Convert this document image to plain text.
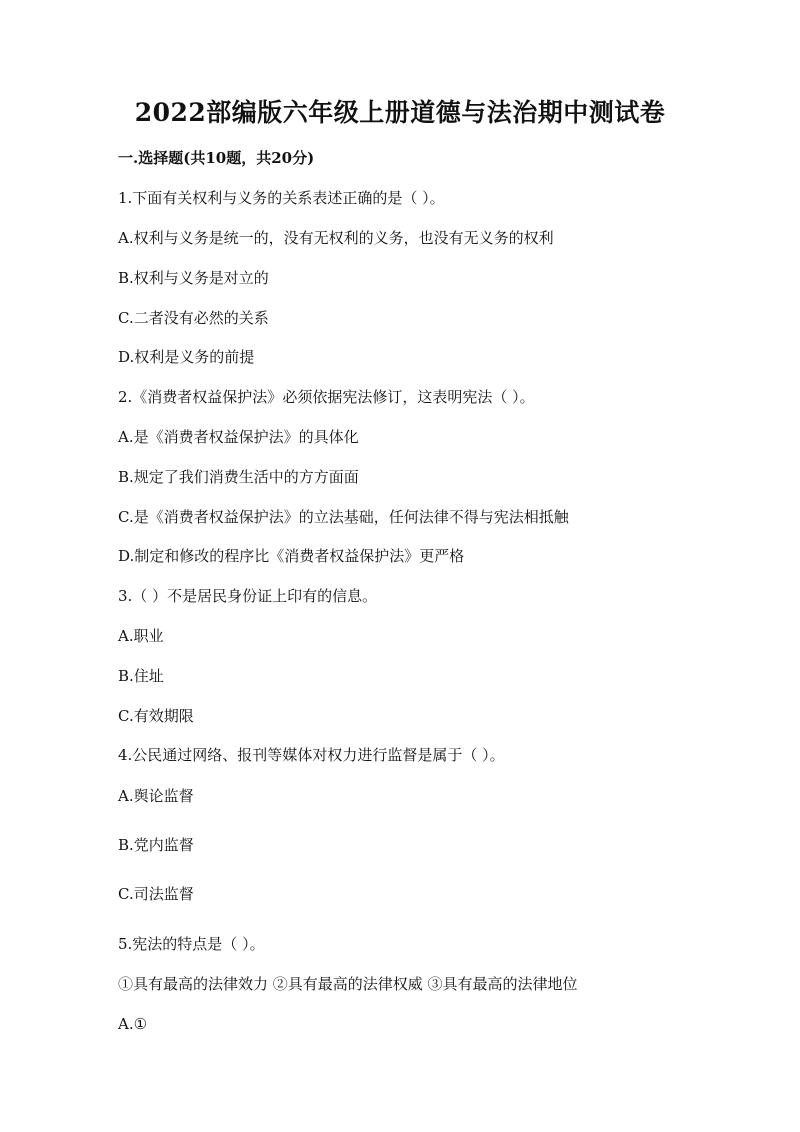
2022部编版六年级上册道德与法治期中测试卷
一.选择题(共10题，共20分)
1.下面有关权利与义务的关系表述正确的是（ ）。
A.权利与义务是统一的，没有无权利的义务，也没有无义务的权利
B.权利与义务是对立的
C.二者没有必然的关系
D.权利是义务的前提
2.《消费者权益保护法》必须依据宪法修订，这表明宪法（ ）。
A.是《消费者权益保护法》的具体化
B.规定了我们消费生活中的方方面面
C.是《消费者权益保护法》的立法基础，任何法律不得与宪法相抵触
D.制定和修改的程序比《消费者权益保护法》更严格
3.（ ）不是居民身份证上印有的信息。
A.职业
B.住址
C.有效期限
4.公民通过网络、报刊等媒体对权力进行监督是属于（ ）。
A.舆论监督
B.党内监督
C.司法监督
5.宪法的特点是（ ）。
①具有最高的法律效力 ②具有最高的法律权威 ③具有最高的法律地位
A.①
